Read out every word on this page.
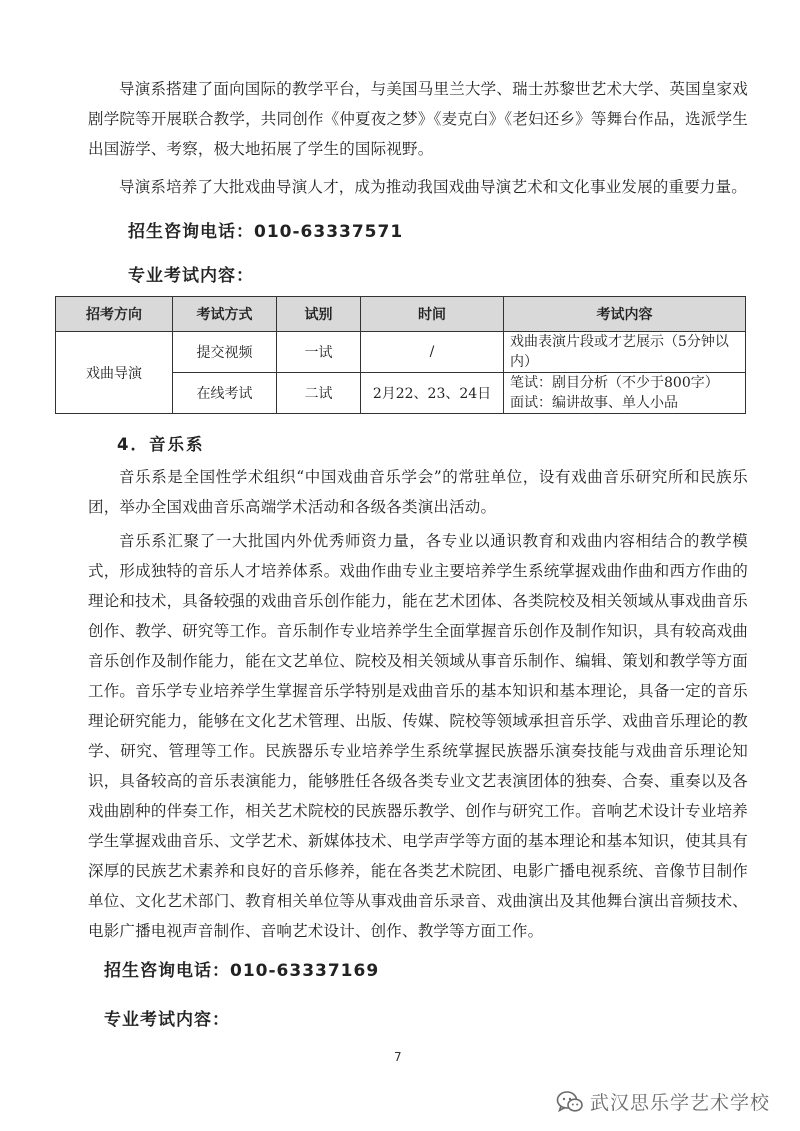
导演系搭建了面向国际的教学平台，与美国马里兰大学、瑞士苏黎世艺术大学、英国皇家戏剧学院等开展联合教学，共同创作《仲夏夜之梦》《麦克白》《老妇还乡》等舞台作品，选派学生出国游学、考察，极大地拓展了学生的国际视野。

导演系培养了大批戏曲导演人才，成为推动我国戏曲导演艺术和文化事业发展的重要力量。

招生咨询电话：010-63337571
专业考试内容：
招考方向	考试方式	试别	时间	考试内容
戏曲导演	提交视频	一试	/	戏曲表演片段或才艺展示（5分钟以内）

	在线考试	二试	2月22、23、24日	笔试：剧目分析（不少于800字）
面试：编讲故事、单人小品
4．音乐系

音乐系是全国性学术组织“中国戏曲音乐学会”的常驻单位，设有戏曲音乐研究所和民族乐团，举办全国戏曲音乐高端学术活动和各级各类演出活动。

音乐系汇聚了一大批国内外优秀师资力量，各专业以通识教育和戏曲内容相结合的教学模式，形成独特的音乐人才培养体系。戏曲作曲专业主要培养学生系统掌握戏曲作曲和西方作曲的理论和技术，具备较强的戏曲音乐创作能力，能在艺术团体、各类院校及相关领域从事戏曲音乐创作、教学、研究等工作。音乐制作专业培养学生全面掌握音乐创作及制作知识，具有较高戏曲音乐创作及制作能力，能在文艺单位、院校及相关领域从事音乐制作、编辑、策划和教学等方面工作。音乐学专业培养学生掌握音乐学特别是戏曲音乐的基本知识和基本理论，具备一定的音乐理论研究能力，能够在文化艺术管理、出版、传媒、院校等领域承担音乐学、戏曲音乐理论的教学、研究、管理等工作。民族器乐专业培养学生系统掌握民族器乐演奏技能与戏曲音乐理论知识，具备较高的音乐表演能力，能够胜任各级各类专业文艺表演团体的独奏、合奏、重奏以及各戏曲剧种的伴奏工作，相关艺术院校的民族器乐教学、创作与研究工作。音响艺术设计专业培养学生掌握戏曲音乐、文学艺术、新媒体技术、电学声学等方面的基本理论和基本知识，使其具有深厚的民族艺术素养和良好的音乐修养，能在各类艺术院团、电影广播电视系统、音像节目制作单位、文化艺术部门、教育相关单位等从事戏曲音乐录音、戏曲演出及其他舞台演出音频技术、电影广播电视声音制作、音响艺术设计、创作、教学等方面工作。

招生咨询电话：010-63337169
专业考试内容：
7
武汉思乐学艺术学校
